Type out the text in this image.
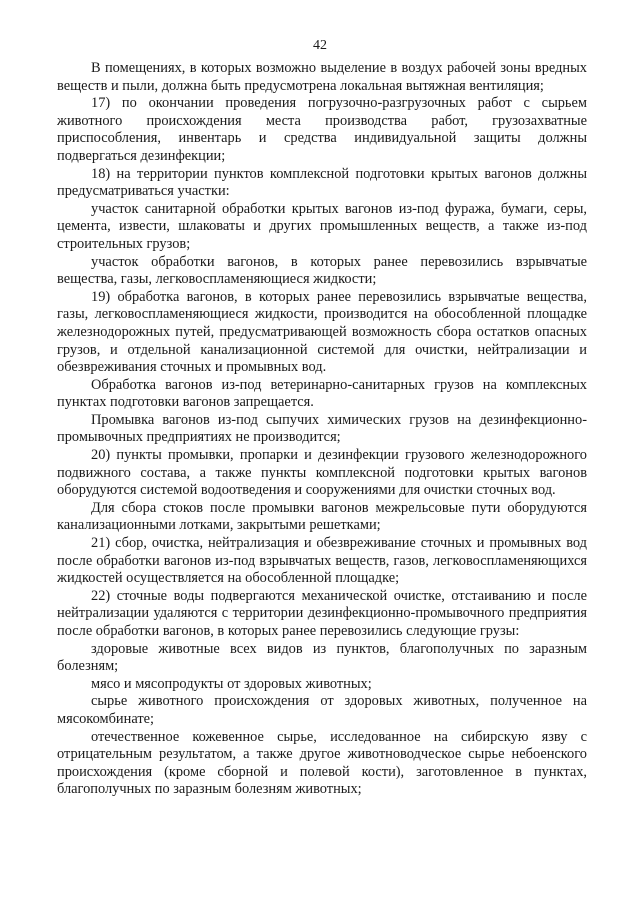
42

В помещениях, в которых возможно выделение в воздух рабочей зоны вредных веществ и пыли, должна быть предусмотрена локальная вытяжная вентиляция;

17) по окончании проведения погрузочно-разгрузочных работ с сырьем животного происхождения места производства работ, грузозахватные приспособления, инвентарь и средства индивидуальной защиты должны подвергаться дезинфекции;

18) на территории пунктов комплексной подготовки крытых вагонов должны предусматриваться участки:

участок санитарной обработки крытых вагонов из-под фуража, бумаги, серы, цемента, извести, шлаковаты и других промышленных веществ, а также из-под строительных грузов;

участок обработки вагонов, в которых ранее перевозились взрывчатые вещества, газы, легковоспламеняющиеся жидкости;

19) обработка вагонов, в которых ранее перевозились взрывчатые вещества, газы, легковоспламеняющиеся жидкости, производится на обособленной площадке железнодорожных путей, предусматривающей возможность сбора остатков опасных грузов, и отдельной канализационной системой для очистки, нейтрализации и обезвреживания сточных и промывных вод.

Обработка вагонов из-под ветеринарно-санитарных грузов на комплексных пунктах подготовки вагонов запрещается.

Промывка вагонов из-под сыпучих химических грузов на дезинфекционно-промывочных предприятиях не производится;

20) пункты промывки, пропарки и дезинфекции грузового железнодорожного подвижного состава, а также пункты комплексной подготовки крытых вагонов оборудуются системой водоотведения и сооружениями для очистки сточных вод.

Для сбора стоков после промывки вагонов межрельсовые пути оборудуются канализационными лотками, закрытыми решетками;

21) сбор, очистка, нейтрализация и обезвреживание сточных и промывных вод после обработки вагонов из-под взрывчатых веществ, газов, легковоспламеняющихся жидкостей осуществляется на обособленной площадке;

22) сточные воды подвергаются механической очистке, отстаиванию и после нейтрализации удаляются с территории дезинфекционно-промывочного предприятия после обработки вагонов, в которых ранее перевозились следующие грузы:

здоровые животные всех видов из пунктов, благополучных по заразным болезням;

мясо и мясопродукты от здоровых животных;

сырье животного происхождения от здоровых животных, полученное на мясокомбинате;

отечественное кожевенное сырье, исследованное на сибирскую язву с отрицательным результатом, а также другое животноводческое сырье небоенского происхождения (кроме сборной и полевой кости), заготовленное в пунктах, благополучных по заразным болезням животных;
